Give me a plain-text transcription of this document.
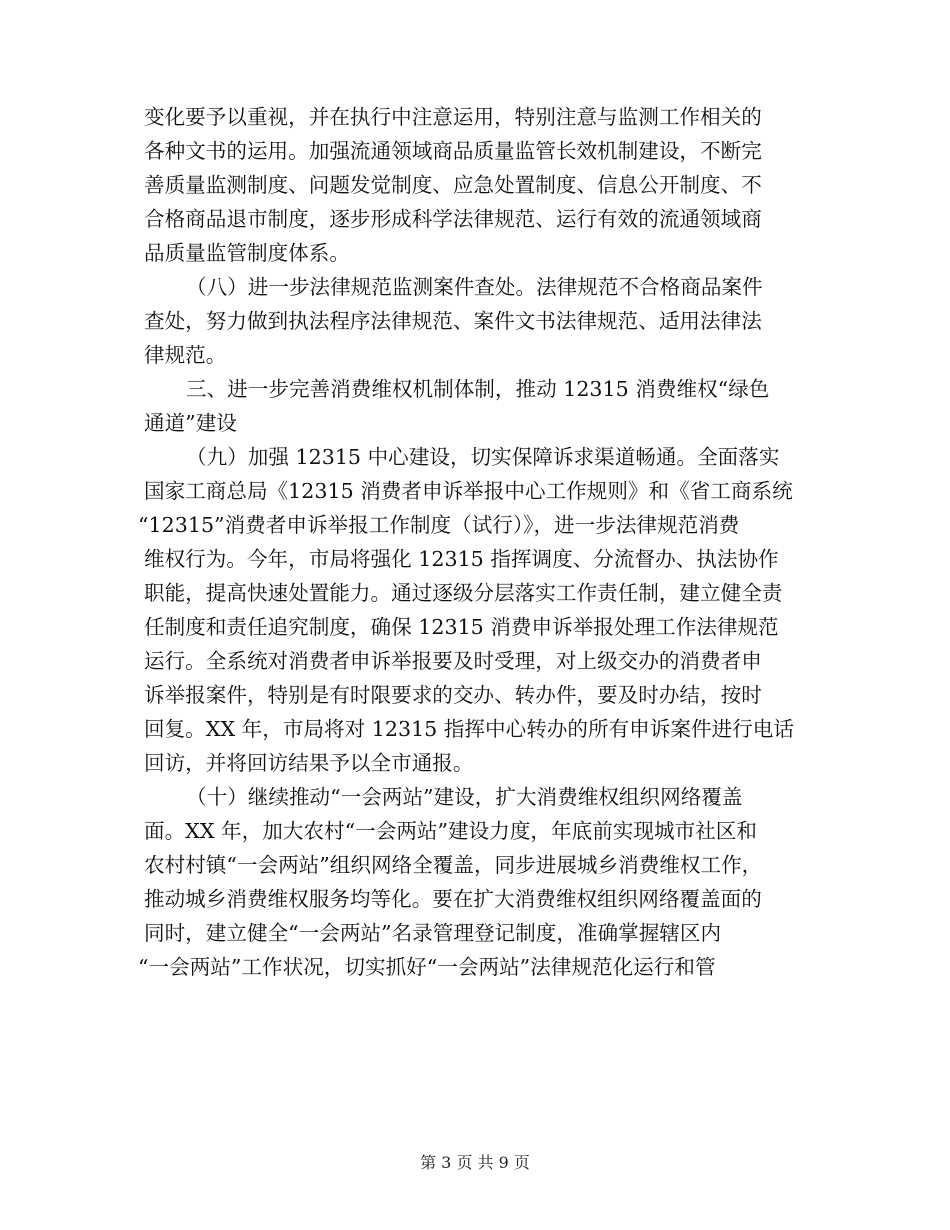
变化要予以重视，并在执行中注意运用，特别注意与监测工作相关的
各种文书的运用。加强流通领域商品质量监管长效机制建设，不断完
善质量监测制度、问题发觉制度、应急处置制度、信息公开制度、不
合格商品退市制度，逐步形成科学法律规范、运行有效的流通领域商
品质量监管制度体系。
（八）进一步法律规范监测案件查处。法律规范不合格商品案件
查处，努力做到执法程序法律规范、案件文书法律规范、适用法律法
律规范。
三、进一步完善消费维权机制体制，推动 12315 消费维权“绿色
通道”建设
（九）加强 12315 中心建设，切实保障诉求渠道畅通。全面落实
国家工商总局《12315 消费者申诉举报中心工作规则》和《省工商系统
“12315”消费者申诉举报工作制度（试行）》，进一步法律规范消费
维权行为。今年，市局将强化 12315 指挥调度、分流督办、执法协作
职能，提高快速处置能力。通过逐级分层落实工作责任制，建立健全责
任制度和责任追究制度，确保 12315 消费申诉举报处理工作法律规范
运行。全系统对消费者申诉举报要及时受理，对上级交办的消费者申
诉举报案件，特别是有时限要求的交办、转办件，要及时办结，按时
回复。XX 年，市局将对 12315 指挥中心转办的所有申诉案件进行电话
回访，并将回访结果予以全市通报。
（十）继续推动“一会两站”建设，扩大消费维权组织网络覆盖
面。XX 年，加大农村“一会两站”建设力度，年底前实现城市社区和
农村村镇“一会两站”组织网络全覆盖，同步进展城乡消费维权工作，
推动城乡消费维权服务均等化。要在扩大消费维权组织网络覆盖面的
同时，建立健全“一会两站”名录管理登记制度，准确掌握辖区内
“一会两站”工作状况，切实抓好“一会两站”法律规范化运行和管
第 3 页 共 9 页
